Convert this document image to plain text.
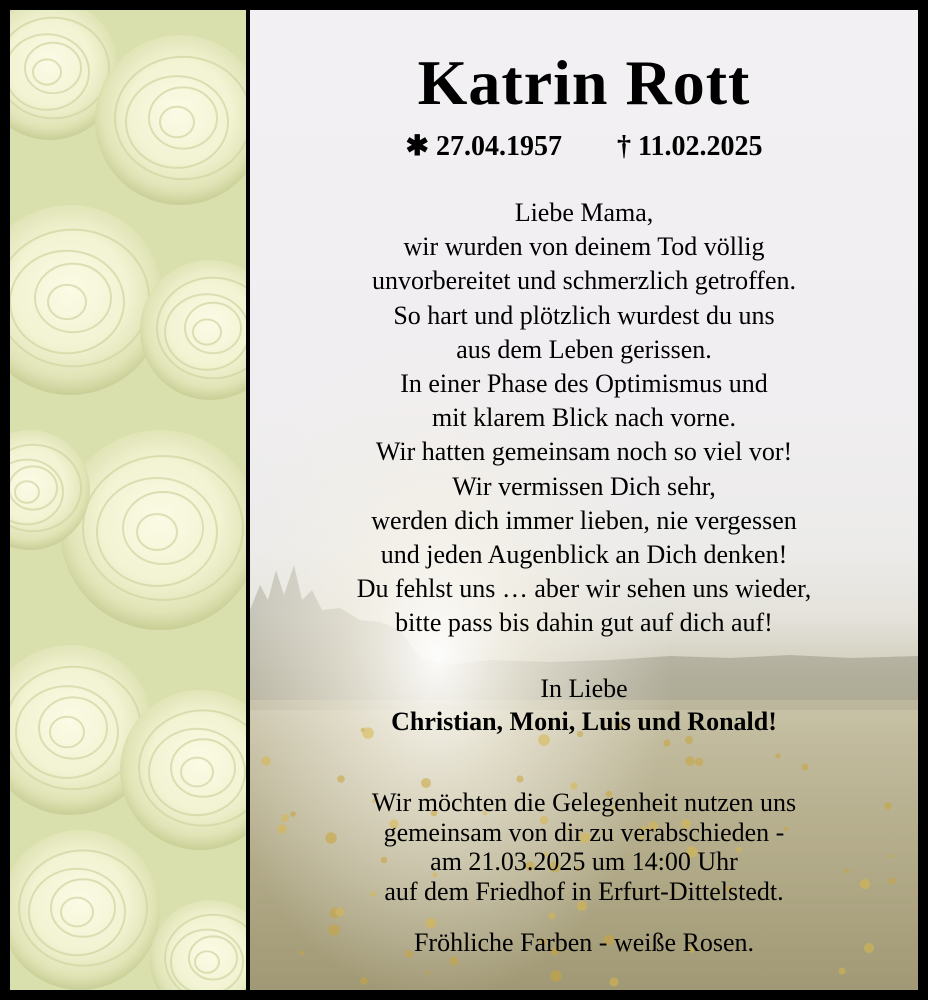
Katrin Rott
✱ 27.04.1957 † 11.02.2025
Liebe Mama,
wir wurden von deinem Tod völlig
unvorbereitet und schmerzlich getroffen.
So hart und plötzlich wurdest du uns
aus dem Leben gerissen.
In einer Phase des Optimismus und
mit klarem Blick nach vorne.
Wir hatten gemeinsam noch so viel vor!
Wir vermissen Dich sehr,
werden dich immer lieben, nie vergessen
und jeden Augenblick an Dich denken!
Du fehlst uns … aber wir sehen uns wieder,
bitte pass bis dahin gut auf dich auf!
In Liebe
Christian, Moni, Luis und Ronald!
Wir möchten die Gelegenheit nutzen uns
gemeinsam von dir zu verabschieden -
am 21.03.2025 um 14:00 Uhr
auf dem Friedhof in Erfurt-Dittelstedt.
Fröhliche Farben - weiße Rosen.
